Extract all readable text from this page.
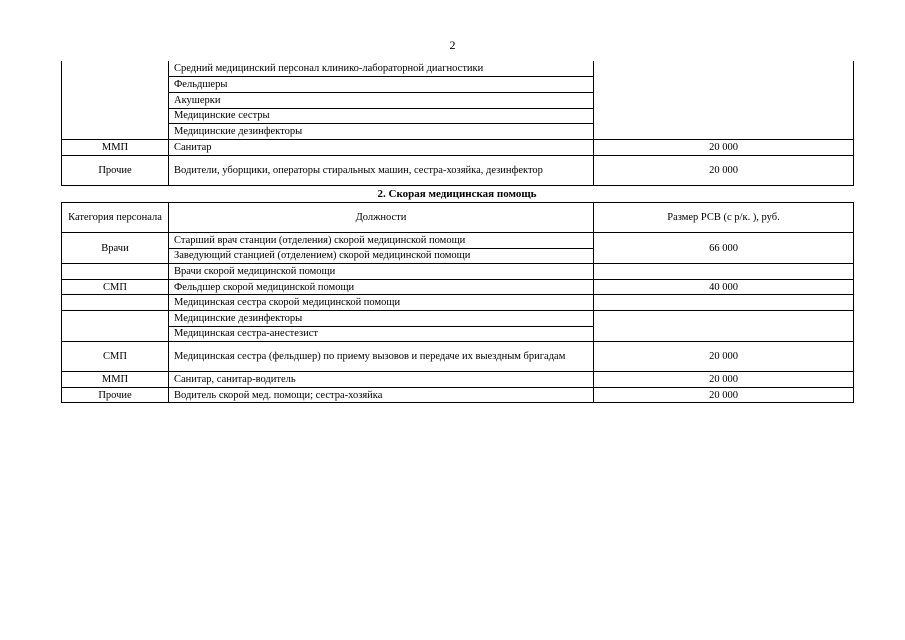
2
	Средний медицинский персонал клинико-лабораторной диагностики	
	Фельдшеры	
	Акушерки	
	Медицинские сестры	
	Медицинские дезинфекторы	
ММП	Санитар	20 000
Прочие	Водители, уборщики, операторы стиральных машин, сестра-хозяйка, дезинфектор	20 000
2. Скорая медицинская помощь
Категория персонала	Должности	Размер РСВ (с р/к. ), руб.
Врачи	Старший врач станции (отделения) скорой медицинской помощи	66 000
	Заведующий станцией (отделением) скорой медицинской помощи	
	Врачи скорой медицинской помощи	
СМП	Фельдшер скорой медицинской помощи	40 000
	Медицинская сестра скорой медицинской помощи	
	Медицинские дезинфекторы	
	Медицинская сестра-анестезист	
СМП	Медицинская сестра (фельдшер) по приему вызовов и передаче их выездным бригадам	20 000
ММП	Санитар, санитар-водитель	20 000
Прочие	Водитель скорой мед. помощи; сестра-хозяйка	20 000
